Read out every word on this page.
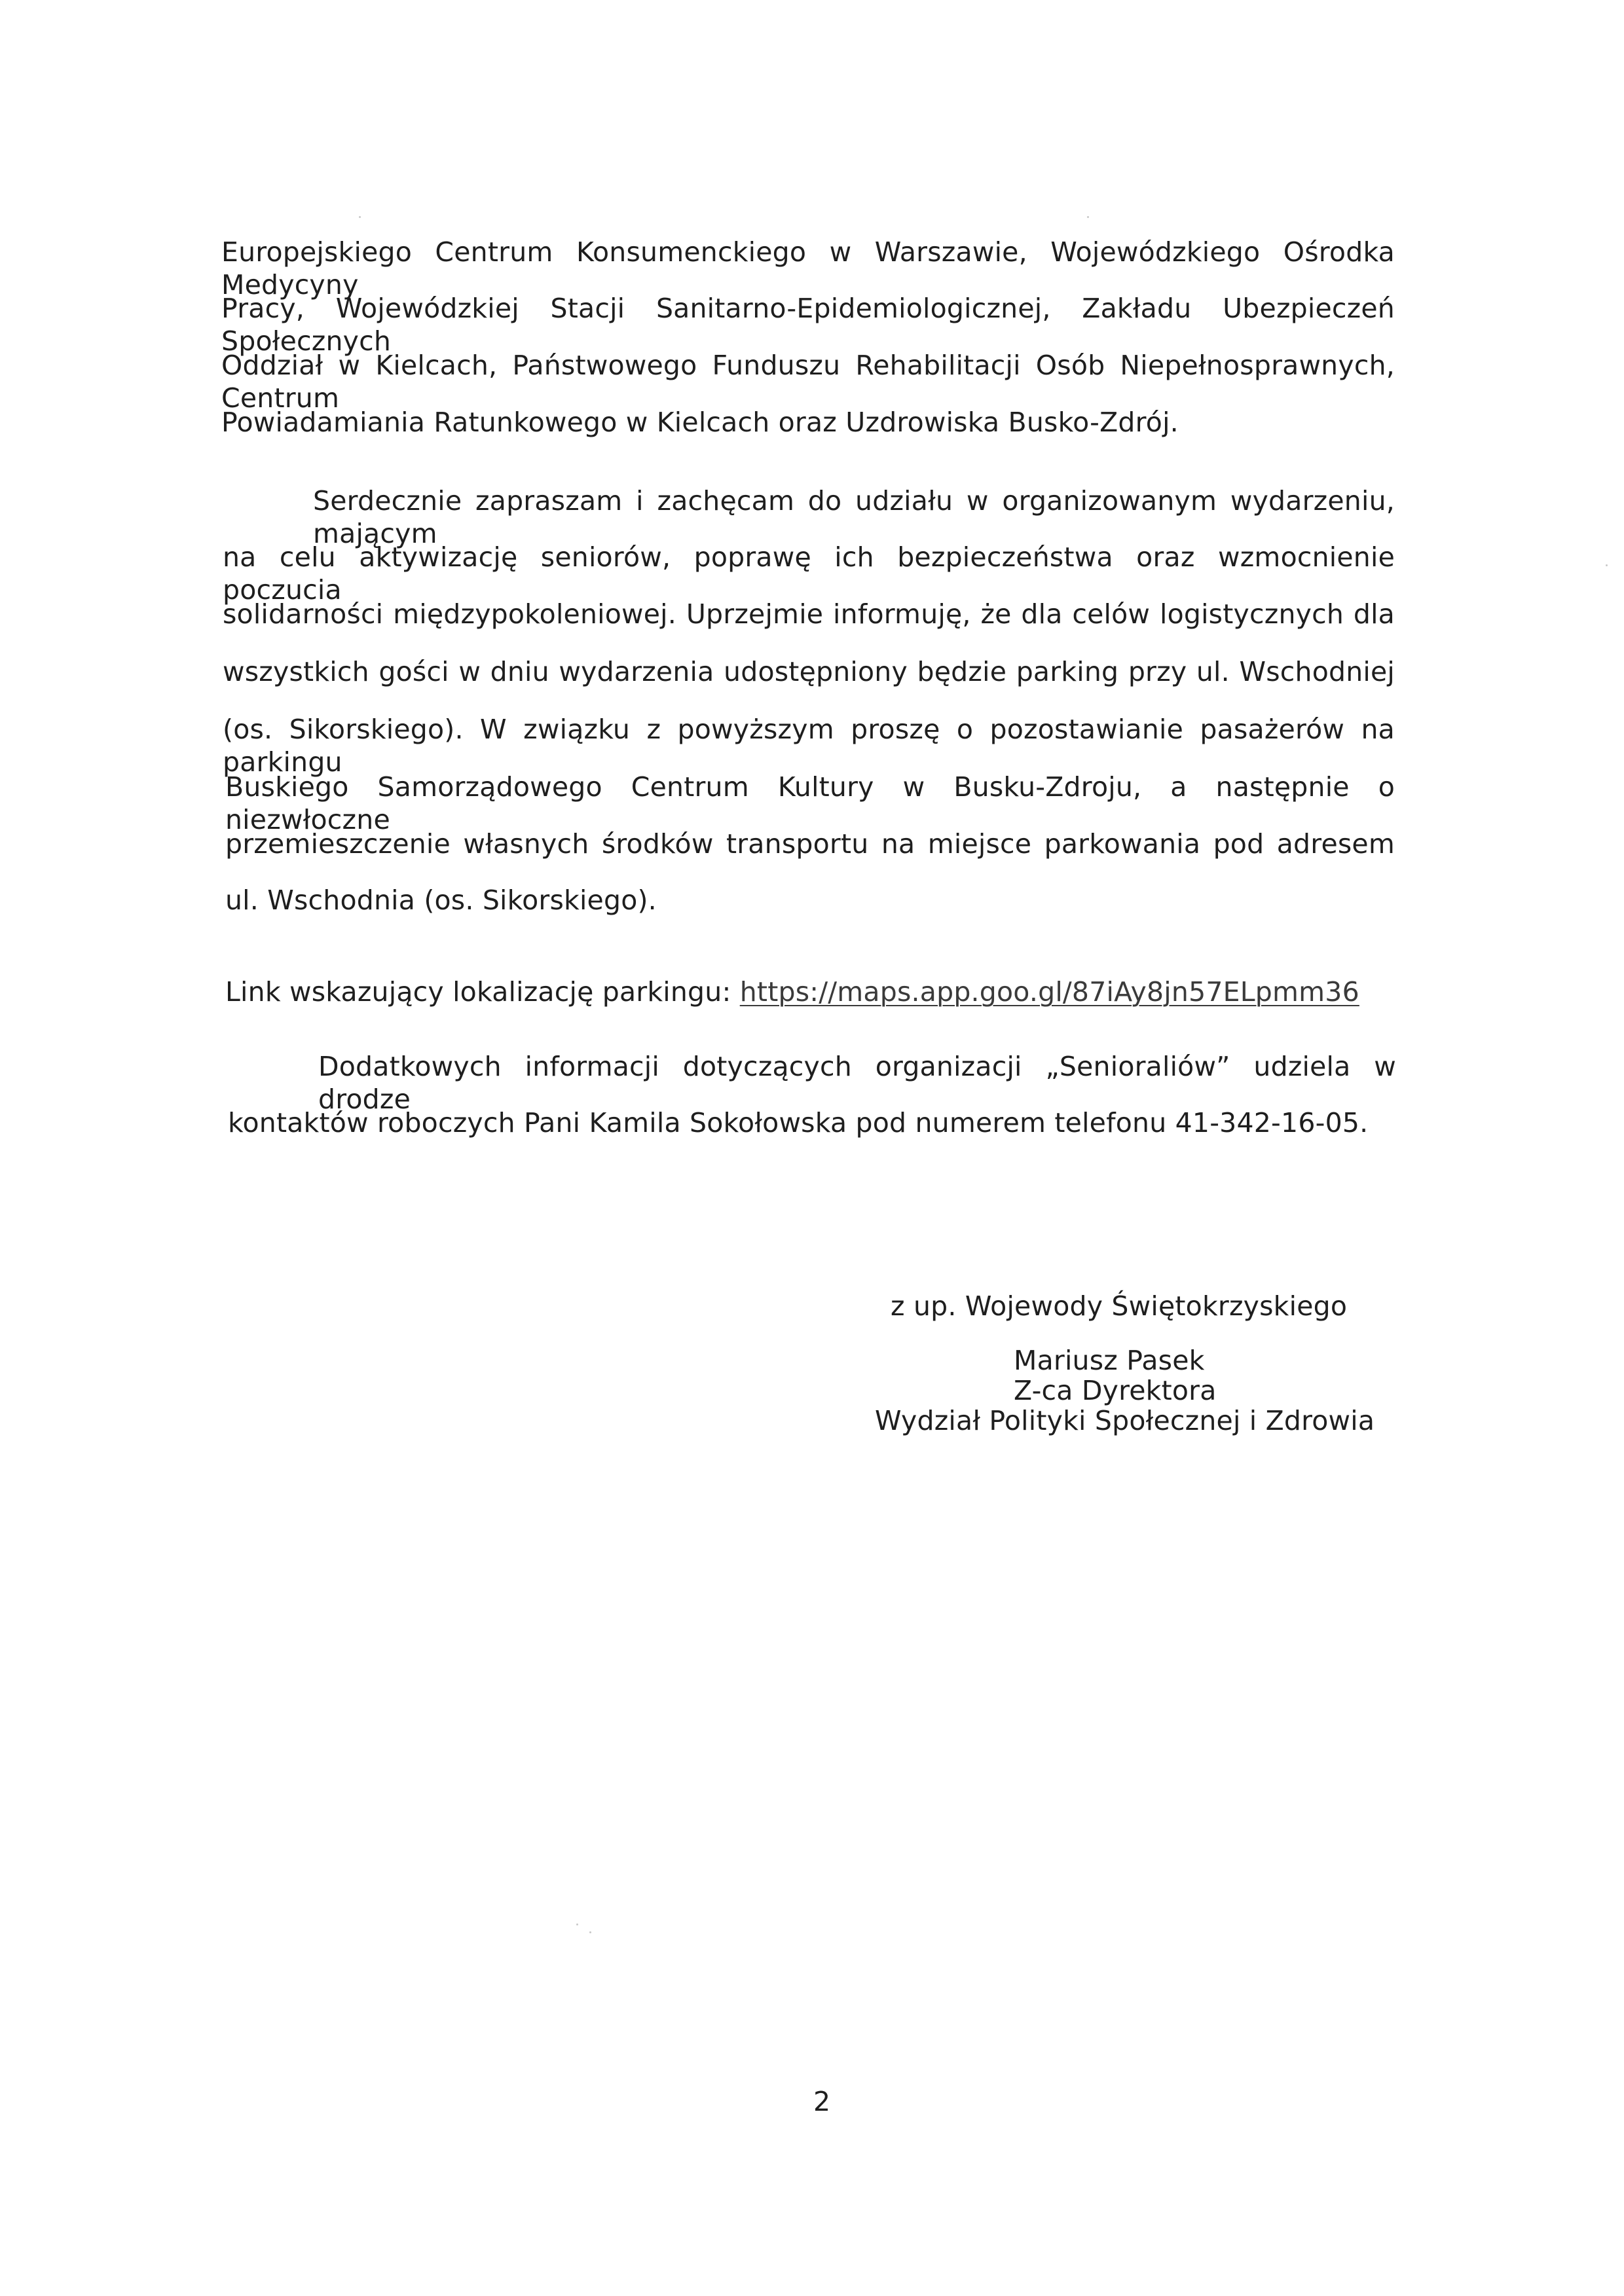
Europejskiego Centrum Konsumenckiego w Warszawie, Wojewódzkiego Ośrodka Medycyny
Pracy, Wojewódzkiej Stacji Sanitarno-Epidemiologicznej, Zakładu Ubezpieczeń Społecznych
Oddział w Kielcach, Państwowego Funduszu Rehabilitacji Osób Niepełnosprawnych, Centrum
Powiadamiania Ratunkowego w Kielcach oraz Uzdrowiska Busko-Zdrój.
Serdecznie zapraszam i zachęcam do udziału w organizowanym wydarzeniu, mającym
na celu aktywizację seniorów, poprawę ich bezpieczeństwa oraz wzmocnienie poczucia
solidarności międzypokoleniowej. Uprzejmie informuję, że dla celów logistycznych dla
wszystkich gości w dniu wydarzenia udostępniony będzie parking przy ul. Wschodniej
(os. Sikorskiego). W związku z powyższym proszę o pozostawianie pasażerów na parkingu
Buskiego Samorządowego Centrum Kultury w Busku-Zdroju, a następnie o niezwłoczne
przemieszczenie własnych środków transportu na miejsce parkowania pod adresem
ul. Wschodnia (os. Sikorskiego).
Link wskazujący lokalizację parkingu: https://maps.app.goo.gl/87iAy8jn57ELpmm36
Dodatkowych informacji dotyczących organizacji „Senioraliów” udziela w drodze
kontaktów roboczych Pani Kamila Sokołowska pod numerem telefonu 41-342-16-05.
z up. Wojewody Świętokrzyskiego
Mariusz Pasek
Z-ca Dyrektora
Wydział Polityki Społecznej i Zdrowia
2
